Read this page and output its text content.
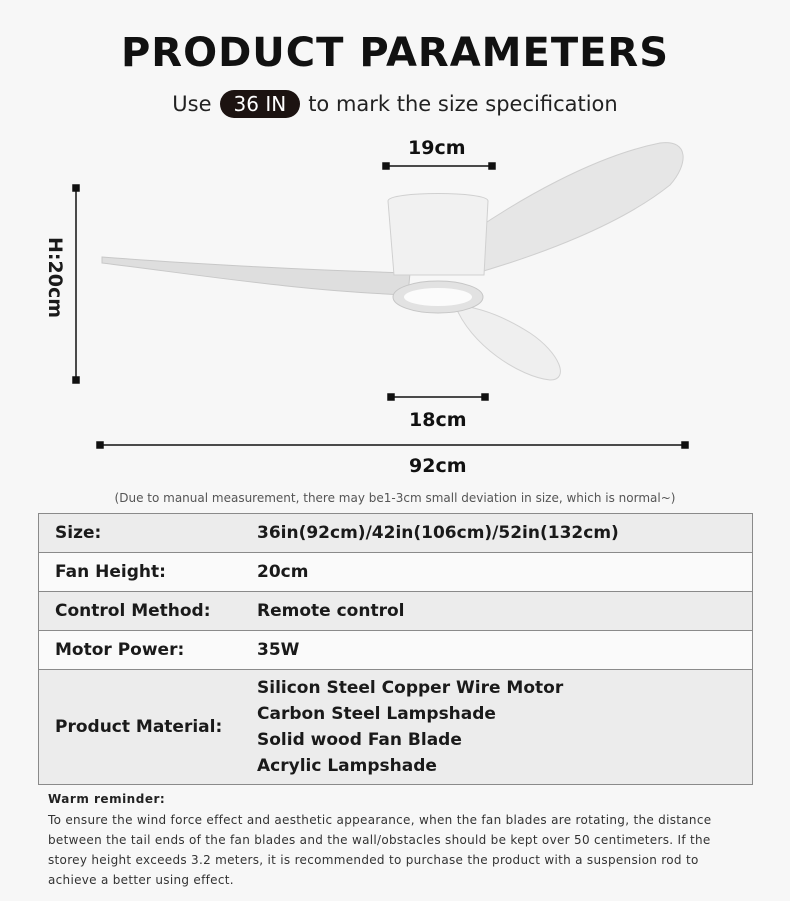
PRODUCT PARAMETERS
Use	36 IN	to mark the size specification
19cm
H:20cm
18cm
92cm
(Due to manual measurement, there may be1-3cm small deviation in size, which is normal~)
Size:	36in(92cm)/42in(106cm)/52in(132cm)
Fan Height:	20cm
Control Method:	Remote control
Motor Power:	35W
Product Material:	Silicon Steel Copper Wire Motor
Carbon Steel Lampshade
Solid wood Fan Blade
Acrylic Lampshade
Warm reminder:
To ensure the wind force effect and aesthetic appearance, when the fan blades are rotating, the distance between the tail ends of the fan blades and the wall/obstacles should be kept over 50 centimeters. If the storey height exceeds 3.2 meters, it is recommended to purchase the product with a suspension rod to achieve a better using effect.
